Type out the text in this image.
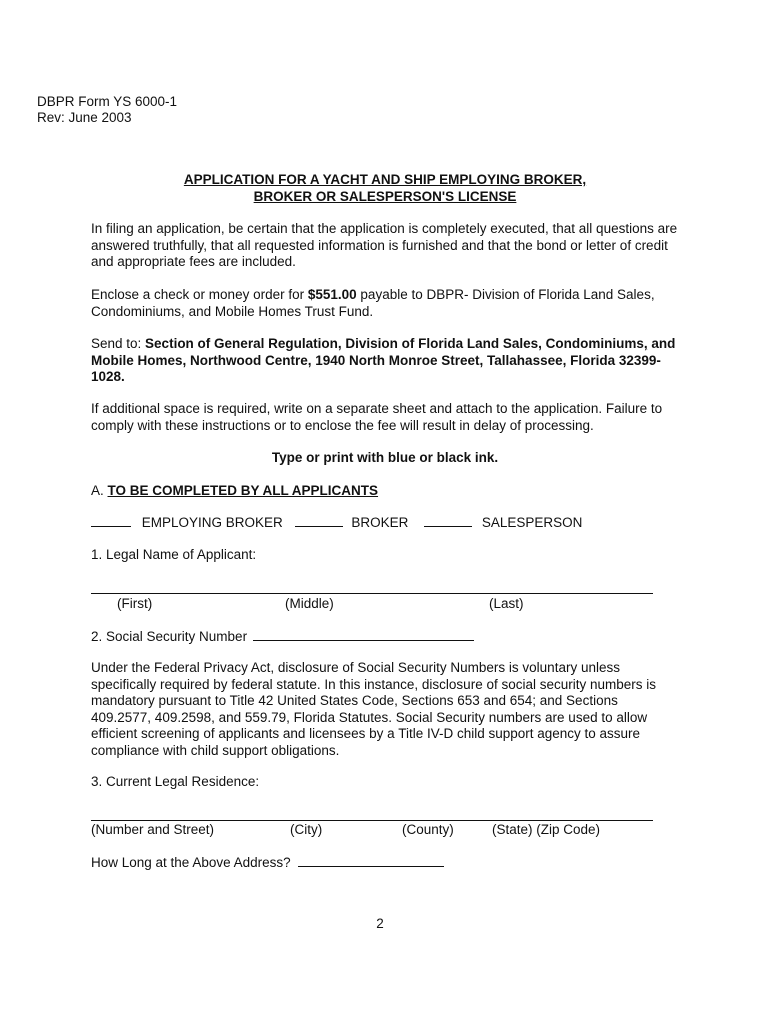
DBPR Form YS 6000-1
Rev: June 2003
APPLICATION FOR A YACHT AND SHIP EMPLOYING BROKER,
BROKER OR SALESPERSON'S LICENSE

In filing an application, be certain that the application is completely executed, that all questions are answered truthfully, that all requested information is furnished and that the bond or letter of credit and appropriate fees are included.

Enclose a check or money order for $551.00 payable to DBPR- Division of Florida Land Sales, Condominiums, and Mobile Homes Trust Fund.

Send to: Section of General Regulation, Division of Florida Land Sales, Condominiums, and Mobile Homes, Northwood Centre, 1940 North Monroe Street, Tallahassee, Florida 32399-1028.

If additional space is required, write on a separate sheet and attach to the application. Failure to comply with these instructions or to enclose the fee will result in delay of processing.

Type or print with blue or black ink.
A. TO BE COMPLETED BY ALL APPLICANTS
EMPLOYING BROKER	BROKER	SALESPERSON
1. Legal Name of Applicant:
(First)	(Middle)	(Last)
2. Social Security Number

Under the Federal Privacy Act, disclosure of Social Security Numbers is voluntary unless specifically required by federal statute. In this instance, disclosure of social security numbers is mandatory pursuant to Title 42 United States Code, Sections 653 and 654; and Sections 409.2577, 409.2598, and 559.79, Florida Statutes. Social Security numbers are used to allow efficient screening of applicants and licensees by a Title IV-D child support agency to assure compliance with child support obligations.

3. Current Legal Residence:
(Number and Street)	(City)	(County)	(State) (Zip Code)
How Long at the Above Address?
2
